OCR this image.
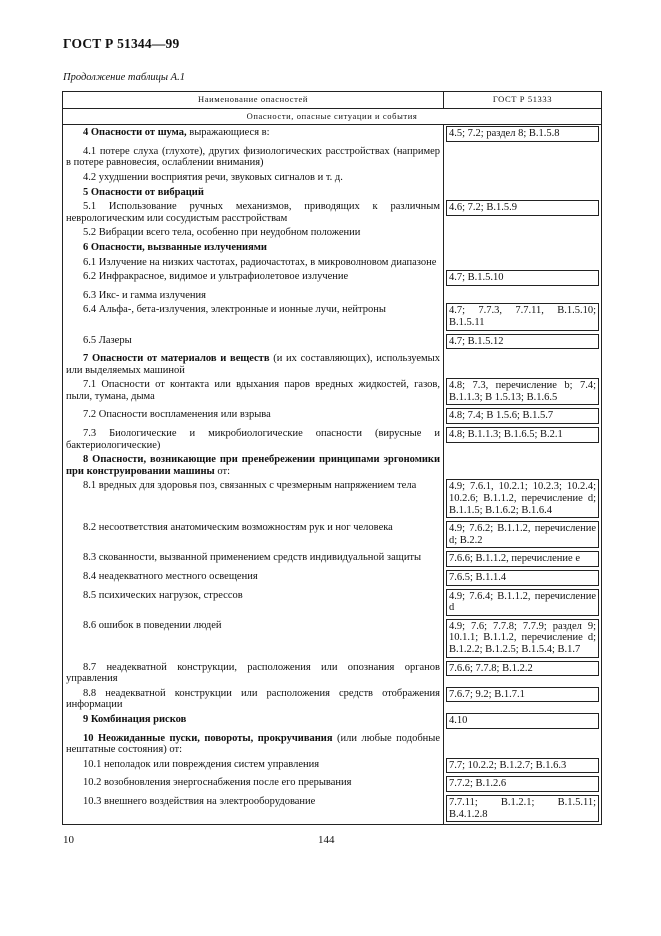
ГОСТ Р 51344—99
Продолжение таблицы А.1
Наименование опасностей	ГОСТ Р 51333
Опасности, опасные ситуации и события	
4 Опасности от шума, выражающиеся в:	4.5; 7.2; раздел 8; В.1.5.8

4.1 потере слуха (глухоте), других физиологических расстройствах (например в потере равновесия, ослаблении внимания)	
4.2 ухудшении восприятия речи, звуковых сигналов и т. д.	
5 Опасности от вибраций	
5.1 Использование ручных механизмов, приводящих к различным неврологическим или сосудистым расстройствам	4.6; 7.2; В.1.5.9

5.2 Вибрации всего тела, особенно при неудобном положении	
6 Опасности, вызванные излучениями	
6.1 Излучение на низких частотах, радиочастотах, в микроволновом диапазоне	
6.2 Инфракрасное, видимое и ультрафиолетовое излучение	4.7; В.1.5.10

6.3 Икс- и гамма излучения	
6.4 Альфа-, бета-излучения, электронные и ионные лучи, нейтроны	4.7; 7.7.3, 7.7.11, В.1.5.10; В.1.5.11

6.5 Лазеры	4.7; В.1.5.12

7 Опасности от материалов и веществ (и их составляющих), используемых или выделяемых машиной	
7.1 Опасности от контакта или вдыхания паров вредных жидкостей, газов, пыли, тумана, дыма	4.8; 7.3, перечисление b; 7.4; В.1.1.3; В 1.5.13; В.1.6.5

7.2 Опасности воспламенения или взрыва	4.8; 7.4; В 1.5.6; В.1.5.7

7.3 Биологические и микробиологические опасности (вирусные и бактериологические)	4.8; В.1.1.3; В.1.6.5; В.2.1

8 Опасности, возникающие при пренебрежении принципами эргономики при конструировании машины от:	
8.1 вредных для здоровья поз, связанных с чрезмерным напряжением тела	4.9; 7.6.1, 10.2.1; 10.2.3; 10.2.4; 10.2.6; В.1.1.2, перечисление d; В.1.1.5; В.1.6.2; В.1.6.4

8.2 несоответствия анатомическим возможностям рук и ног человека	4.9; 7.6.2; В.1.1.2, перечисление d; В.2.2

8.3 скованности, вызванной применением средств индивидуальной защиты	7.6.6; В.1.1.2, перечисление е

8.4 неадекватного местного освещения	7.6.5; В.1.1.4

8.5 психических нагрузок, стрессов	4.9; 7.6.4; В.1.1.2, перечисление d

8.6 ошибок в поведении людей	4.9; 7.6; 7.7.8; 7.7.9; раздел 9; 10.1.1; В.1.1.2, перечисление d; В.1.2.2; В.1.2.5; В.1.5.4; В.1.7

8.7 неадекватной конструкции, расположения или опознания органов управления	7.6.6; 7.7.8; В.1.2.2

8.8 неадекватной конструкции или расположения средств отображения информации	7.6.7; 9.2; В.1.7.1

9 Комбинация рисков	4.10

10 Неожиданные пуски, повороты, прокручивания (или любые подобные нештатные состояния) от:	
10.1 неполадок или повреждения систем управления	7.7; 10.2.2; В.1.2.7; В.1.6.3

10.2 возобновления энергоснабжения после его прерывания	7.7.2; В.1.2.6

10.3 внешнего воздействия на электрооборудование	7.7.11; В.1.2.1; В.1.5.11; В.4.1.2.8
10	144
